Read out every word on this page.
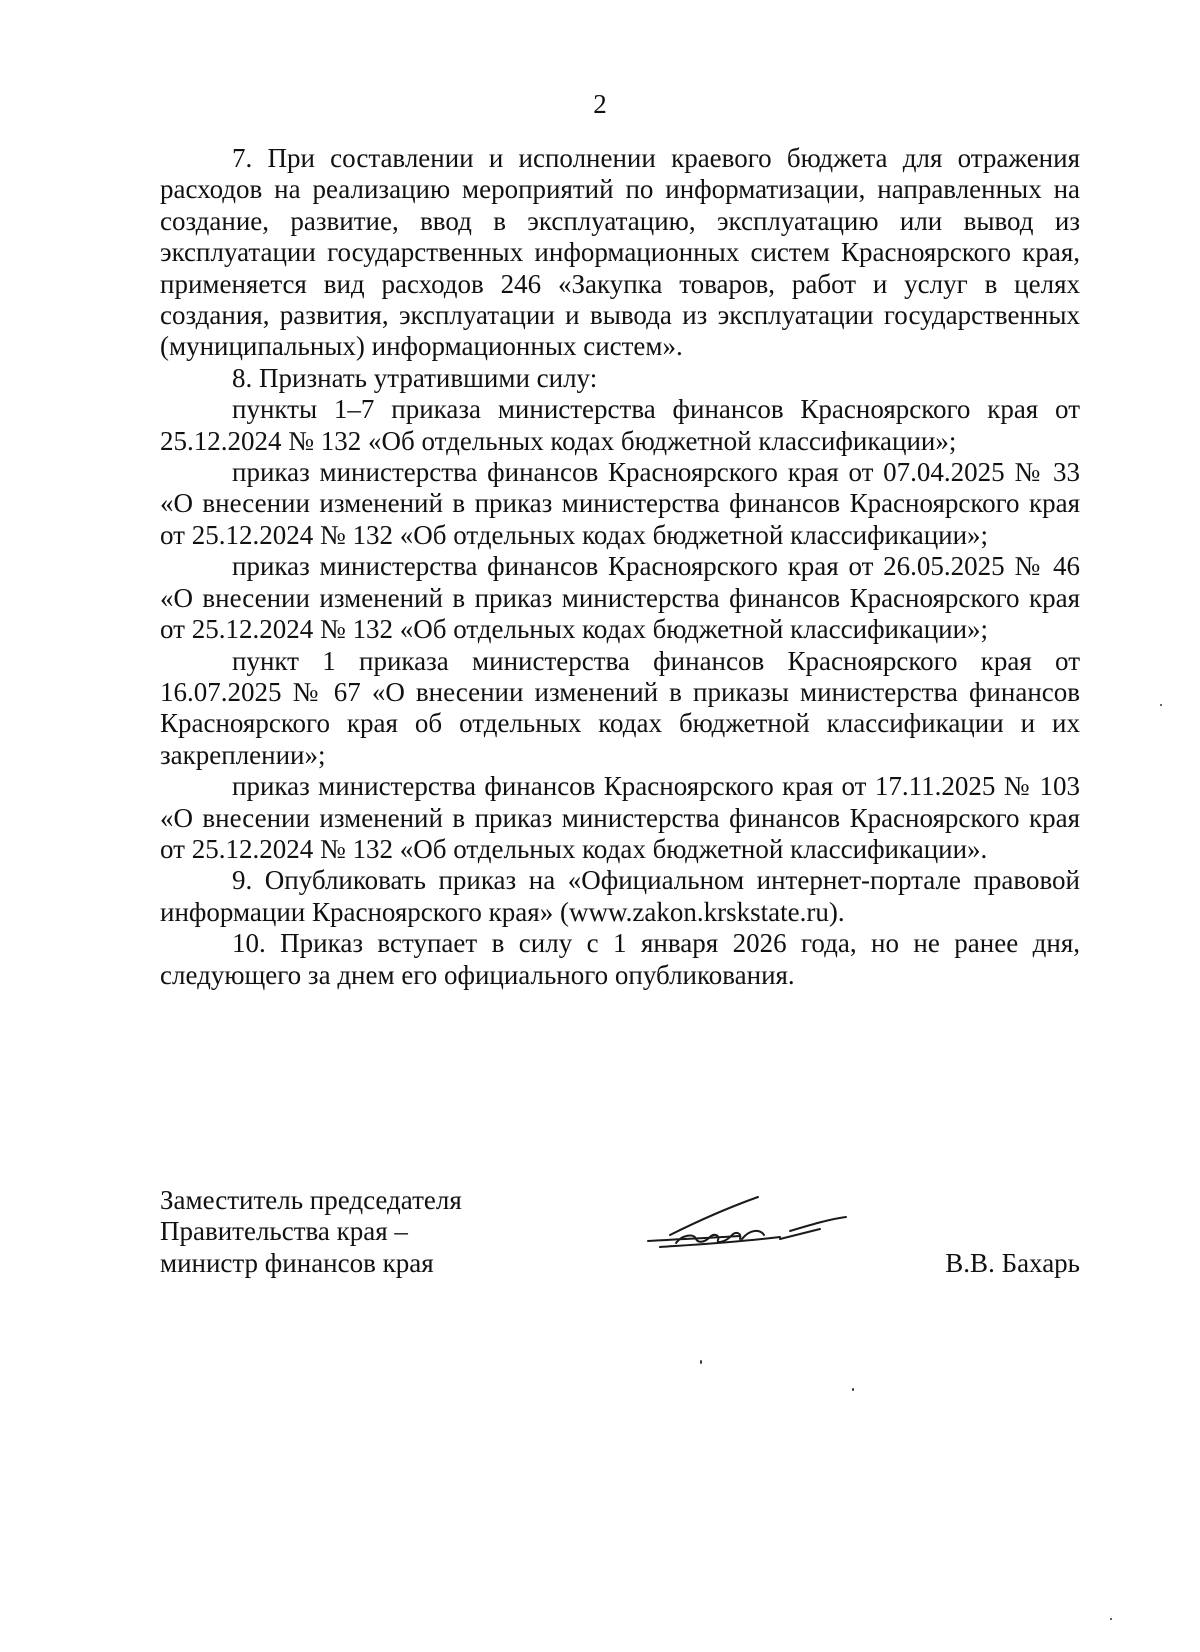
2

7. При составлении и исполнении краевого бюджета для отражения расходов на реализацию мероприятий по информатизации, направленных на создание, развитие, ввод в эксплуатацию, эксплуатацию или вывод из эксплуатации государственных информационных систем Красноярского края, применяется вид расходов 246 «Закупка товаров, работ и услуг в целях создания, развития, эксплуатации и вывода из эксплуатации государственных (муниципальных) информационных систем».

8. Признать утратившими силу:

пункты 1–7 приказа министерства финансов Красноярского края от 25.12.2024 № 132 «Об отдельных кодах бюджетной классификации»;

приказ министерства финансов Красноярского края от 07.04.2025 № 33 «О внесении изменений в приказ министерства финансов Красноярского края от 25.12.2024 № 132 «Об отдельных кодах бюджетной классификации»;

приказ министерства финансов Красноярского края от 26.05.2025 № 46 «О внесении изменений в приказ министерства финансов Красноярского края от 25.12.2024 № 132 «Об отдельных кодах бюджетной классификации»;

пункт 1 приказа министерства финансов Красноярского края от 16.07.2025 № 67 «О внесении изменений в приказы министерства финансов Красноярского края об отдельных кодах бюджетной классификации и их закреплении»;

приказ министерства финансов Красноярского края от 17.11.2025 № 103 «О внесении изменений в приказ министерства финансов Красноярского края от 25.12.2024 № 132 «Об отдельных кодах бюджетной классификации».

9. Опубликовать приказ на «Официальном интернет-портале правовой информации Красноярского края» (www.zakon.krskstate.ru).

10. Приказ вступает в силу с 1 января 2026 года, но не ранее дня, следующего за днем его официального опубликования.

Заместитель председателя
Правительства края –
министр финансов края	В.В. Бахарь
